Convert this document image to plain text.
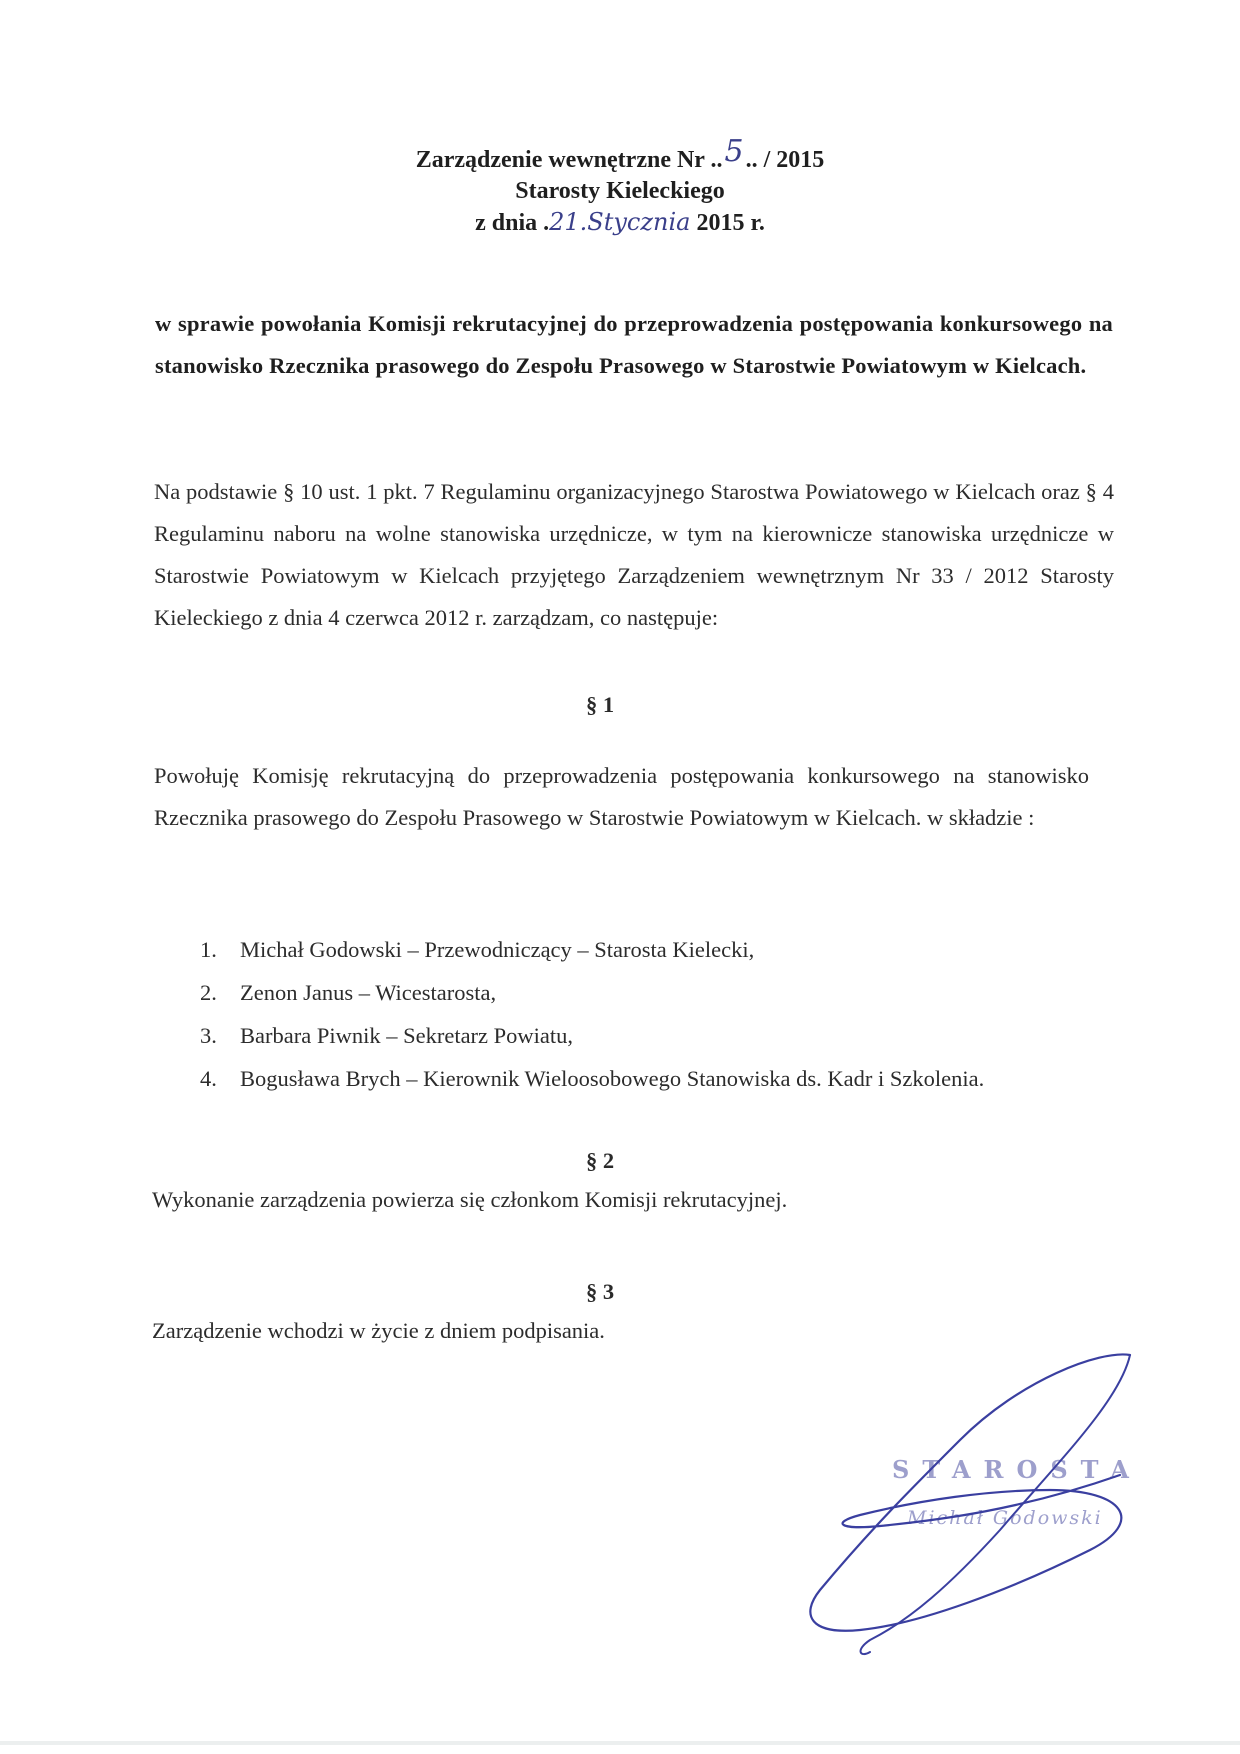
Zarządzenie wewnętrzne Nr ..5.. / 2015
Starosty Kieleckiego
z dnia .21.Stycznia 2015 r.
w sprawie powołania Komisji rekrutacyjnej do przeprowadzenia postępowania konkursowego na stanowisko Rzecznika prasowego do Zespołu Prasowego w Starostwie Powiatowym w Kielcach.
Na podstawie § 10 ust. 1 pkt. 7 Regulaminu organizacyjnego Starostwa Powiatowego w Kielcach oraz § 4 Regulaminu naboru na wolne stanowiska urzędnicze, w tym na kierownicze stanowiska urzędnicze w Starostwie Powiatowym w Kielcach przyjętego Zarządzeniem wewnętrznym Nr 33 / 2012 Starosty Kieleckiego z dnia 4 czerwca 2012 r. zarządzam, co następuje:
§ 1
Powołuję Komisję rekrutacyjną do przeprowadzenia postępowania konkursowego na stanowisko Rzecznika prasowego do Zespołu Prasowego w Starostwie Powiatowym w Kielcach. w składzie :
1. Michał Godowski – Przewodniczący – Starosta Kielecki,
2. Zenon Janus – Wicestarosta,
3. Barbara Piwnik – Sekretarz Powiatu,
4. Bogusława Brych – Kierownik Wieloosobowego Stanowiska ds. Kadr i Szkolenia.
§ 2
Wykonanie zarządzenia powierza się członkom Komisji rekrutacyjnej.
§ 3
Zarządzenie wchodzi w życie z dniem podpisania.
STAROSTA
Michał Godowski
